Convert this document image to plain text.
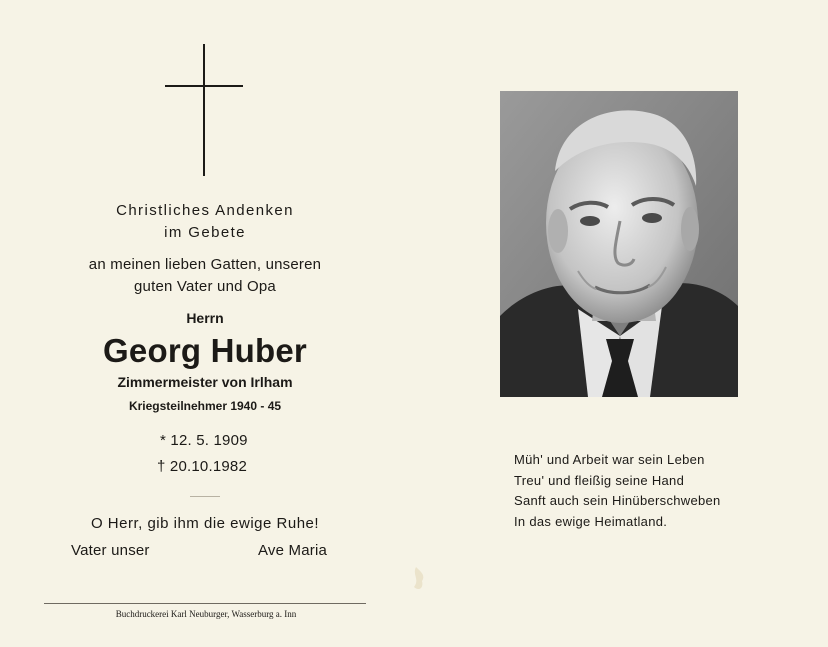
Christliches Andenken
im Gebete
an meinen lieben Gatten, unseren
guten Vater und Opa
Herrn
Georg Huber
Zimmermeister von Irlham
Kriegsteilnehmer 1940 - 45
* 12. 5. 1909
† 20.10.1982
O Herr, gib ihm die ewige Ruhe!
Vater unser	Ave Maria
Buchdruckerei Karl Neuburger, Wasserburg a. Inn
Müh' und Arbeit war sein Leben
Treu' und fleißig seine Hand
Sanft auch sein Hinüberschweben
In das ewige Heimatland.
